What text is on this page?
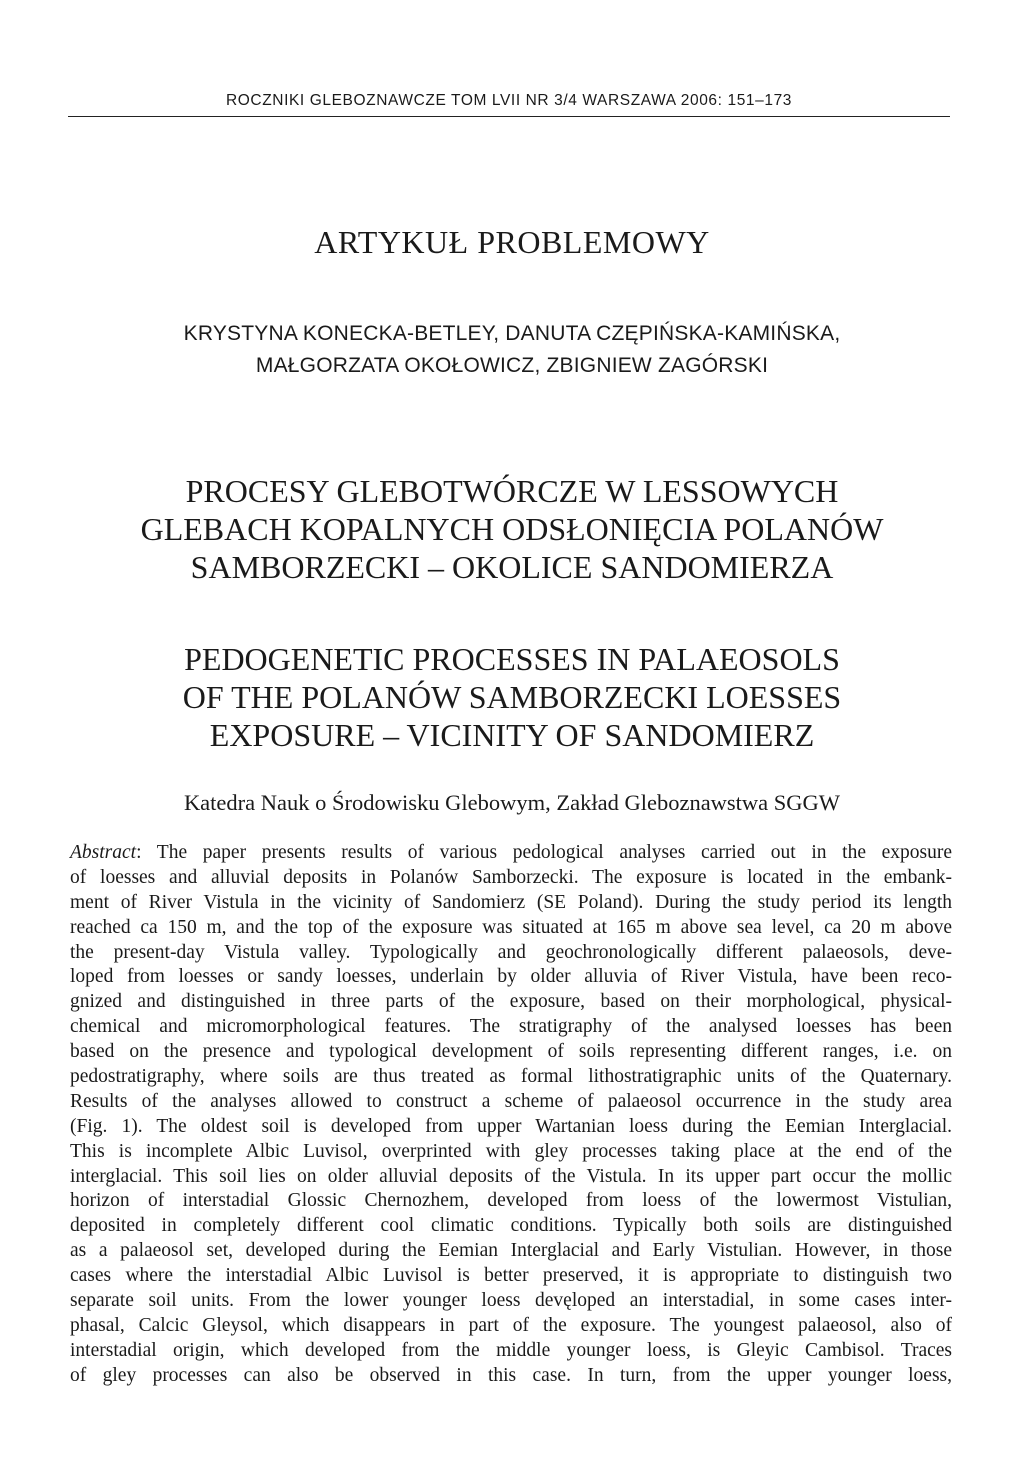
ROCZNIKI GLEBOZNAWCZE TOM LVII NR 3/4 WARSZAWA 2006: 151–173
ARTYKUŁ PROBLEMOWY
KRYSTYNA KONECKA-BETLEY, DANUTA CZĘPIŃSKA-KAMIŃSKA,
MAŁGORZATA OKOŁOWICZ, ZBIGNIEW ZAGÓRSKI
PROCESY GLEBOTWÓRCZE W LESSOWYCH
GLEBACH KOPALNYCH ODSŁONIĘCIA POLANÓW
SAMBORZECKI – OKOLICE SANDOMIERZA
PEDOGENETIC PROCESSES IN PALAEOSOLS
OF THE POLANÓW SAMBORZECKI LOESSES
EXPOSURE – VICINITY OF SANDOMIERZ
Katedra Nauk o Środowisku Glebowym, Zakład Gleboznawstwa SGGW
Abstract: The paper presents results of various pedological analyses carried out in the exposure
of loesses and alluvial deposits in Polanów Samborzecki. The exposure is located in the embank-
ment of River Vistula in the vicinity of Sandomierz (SE Poland). During the study period its length
reached ca 150 m, and the top of the exposure was situated at 165 m above sea level, ca 20 m above
the present-day Vistula valley. Typologically and geochronologically different palaeosols, deve-
loped from loesses or sandy loesses, underlain by older alluvia of River Vistula, have been reco-
gnized and distinguished in three parts of the exposure, based on their morphological, physical-
chemical and micromorphological features. The stratigraphy of the analysed loesses has been
based on the presence and typological development of soils representing different ranges, i.e. on
pedostratigraphy, where soils are thus treated as formal lithostratigraphic units of the Quaternary.
Results of the analyses allowed to construct a scheme of palaeosol occurrence in the study area
(Fig. 1). The oldest soil is developed from upper Wartanian loess during the Eemian Interglacial.
This is incomplete Albic Luvisol, overprinted with gley processes taking place at the end of the
interglacial. This soil lies on older alluvial deposits of the Vistula. In its upper part occur the mollic
horizon of interstadial Glossic Chernozhem, developed from loess of the lowermost Vistulian,
deposited in completely different cool climatic conditions. Typically both soils are distinguished
as a palaeosol set, developed during the Eemian Interglacial and Early Vistulian. However, in those
cases where the interstadial Albic Luvisol is better preserved, it is appropriate to distinguish two
separate soil units. From the lower younger loess devęloped an interstadial, in some cases inter-
phasal, Calcic Gleysol, which disappears in part of the exposure. The youngest palaeosol, also of
interstadial origin, which developed from the middle younger loess, is Gleyic Cambisol. Traces
of gley processes can also be observed in this case. In turn, from the upper younger loess,
